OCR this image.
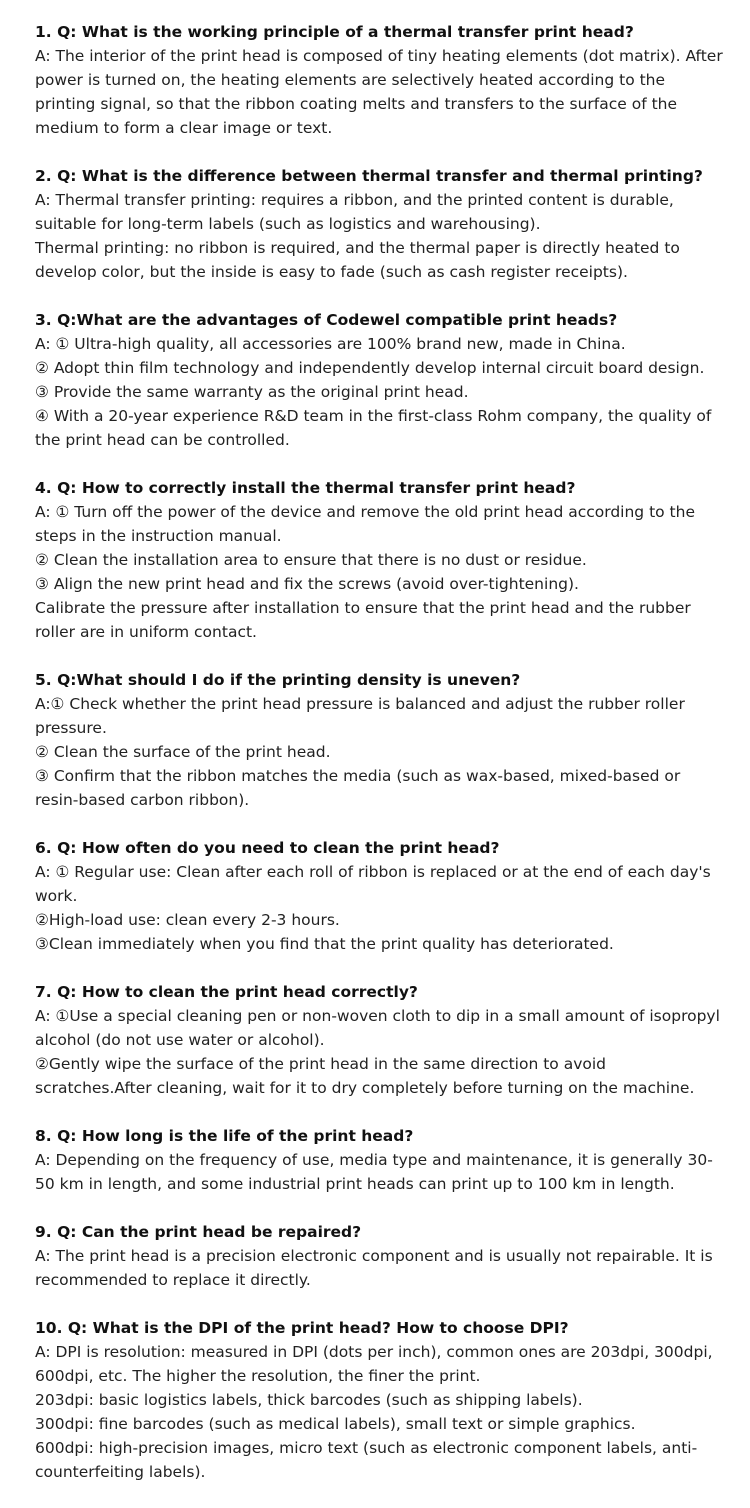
1. Q: What is the working principle of a thermal transfer print head?

A: The interior of the print head is composed of tiny heating elements (dot matrix). After power is turned on, the heating elements are selectively heated according to the printing signal, so that the ribbon coating melts and transfers to the surface of the medium to form a clear image or text.

2. Q: What is the difference between thermal transfer and thermal printing?

A: Thermal transfer printing: requires a ribbon, and the printed content is durable, suitable for long-term labels (such as logistics and warehousing).

Thermal printing: no ribbon is required, and the thermal paper is directly heated to develop color, but the inside is easy to fade (such as cash register receipts).

3. Q:What are the advantages of Codewel compatible print heads?

A: ① Ultra-high quality, all accessories are 100% brand new, made in China.

② Adopt thin film technology and independently develop internal circuit board design.

③ Provide the same warranty as the original print head.

④ With a 20-year experience R&D team in the first-class Rohm company, the quality of the print head can be controlled.

4. Q: How to correctly install the thermal transfer print head?

A: ① Turn off the power of the device and remove the old print head according to the steps in the instruction manual.

② Clean the installation area to ensure that there is no dust or residue.

③ Align the new print head and fix the screws (avoid over-tightening).

Calibrate the pressure after installation to ensure that the print head and the rubber roller are in uniform contact.

5. Q:What should I do if the printing density is uneven?

A:① Check whether the print head pressure is balanced and adjust the rubber roller pressure.

② Clean the surface of the print head.

③ Confirm that the ribbon matches the media (such as wax-based, mixed-based or resin-based carbon ribbon).

6. Q: How often do you need to clean the print head?

A: ① Regular use: Clean after each roll of ribbon is replaced or at the end of each day's work.

②High-load use: clean every 2-3 hours.

③Clean immediately when you find that the print quality has deteriorated.

7. Q: How to clean the print head correctly?

A: ①Use a special cleaning pen or non-woven cloth to dip in a small amount of isopropyl alcohol (do not use water or alcohol).

②Gently wipe the surface of the print head in the same direction to avoid scratches.After cleaning, wait for it to dry completely before turning on the machine.

8. Q: How long is the life of the print head?

A: Depending on the frequency of use, media type and maintenance, it is generally 30-50 km in length, and some industrial print heads can print up to 100 km in length.

9. Q: Can the print head be repaired?

A: The print head is a precision electronic component and is usually not repairable. It is recommended to replace it directly.

10. Q: What is the DPI of the print head? How to choose DPI?

A: DPI is resolution: measured in DPI (dots per inch), common ones are 203dpi, 300dpi, 600dpi, etc. The higher the resolution, the finer the print.

203dpi: basic logistics labels, thick barcodes (such as shipping labels).

300dpi: fine barcodes (such as medical labels), small text or simple graphics.

600dpi: high-precision images, micro text (such as electronic component labels, anti-counterfeiting labels).
